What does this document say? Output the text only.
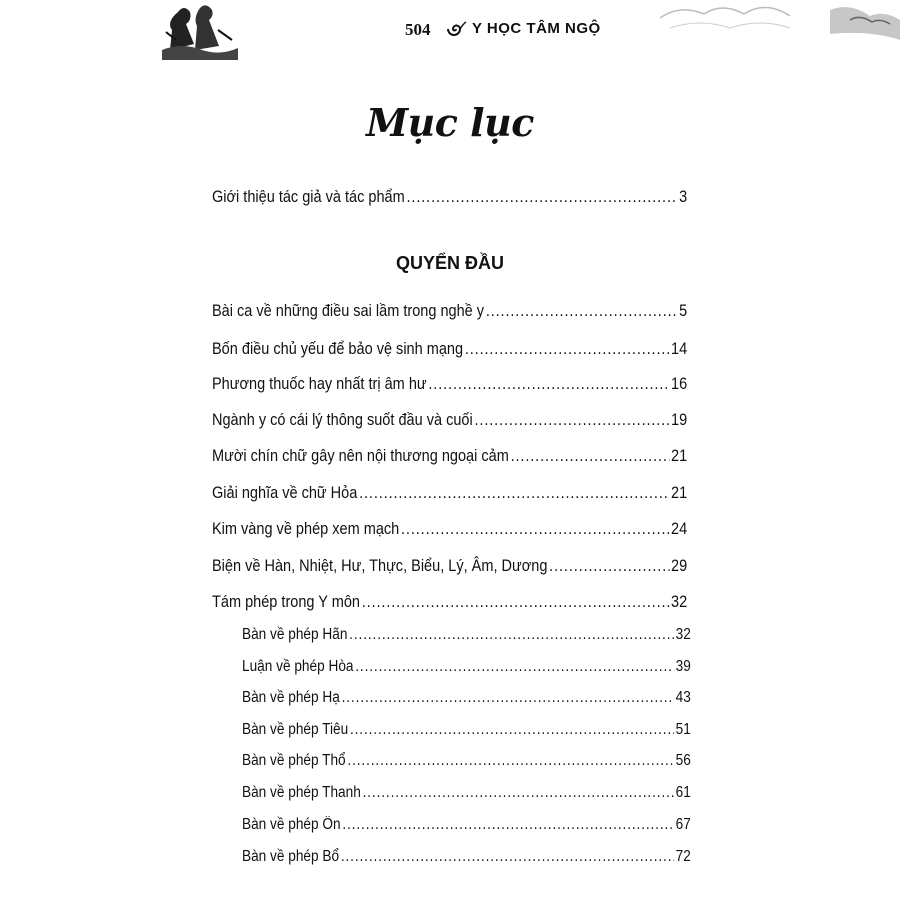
504	Y HỌC TÂM NGỘ
Mục lục
Giới thiệu tác giả và tác phẩm .....	3
QUYỂN ĐẦU
Bài ca về những điều sai lầm trong nghề y .....	5
Bốn điều chủ yếu để bảo vệ sinh mạng .....	14
Phương thuốc hay nhất trị âm hư .....	16
Ngành y có cái lý thông suốt đầu và cuối .....	19
Mười chín chữ gây nên nội thương ngoại cảm .....	21
Giải nghĩa về chữ Hỏa .....	21
Kim vàng về phép xem mạch .....	24
Biện về Hàn, Nhiệt, Hư, Thực, Biểu, Lý, Âm, Dương .....	29
Tám phép trong Y môn .....	32
Bàn về phép Hãn .....	32
Luận về phép Hòa .....	39
Bàn về phép Hạ .....	43
Bàn về phép Tiêu .....	51
Bàn về phép Thổ .....	56
Bàn về phép Thanh .....	61
Bàn về phép Ôn .....	67
Bàn về phép Bổ .....	72
